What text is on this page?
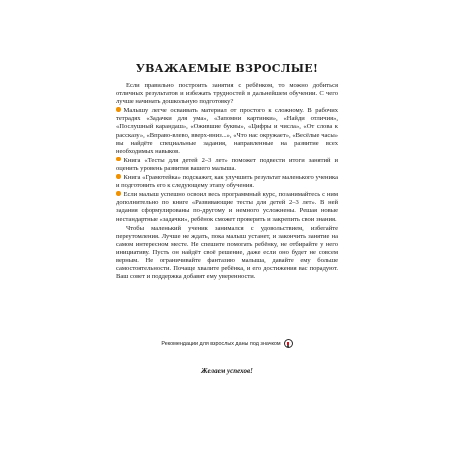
УВАЖАЕМЫЕ ВЗРОСЛЫЕ!

Если правильно построить занятия с ребёнком, то можно добиться отличных результатов и избежать трудностей в дальнейшем обучении. С чего лучше начинать дошкольную подготовку?

Малышу легче осваивать материал от простого к сложному. В рабочих тетрадях «Задачки для ума», «Запомни картинки», «Найди отличия», «Послушный карандаш», «Ожившие буквы», «Цифры и числа», «От слова к рассказу», «Вправо-влево, вверх-вниз...», «Что нас окружает», «Весёлые часы» вы найдёте специальные задания, направленные на развитие всех необходимых навыков.

Книга «Тесты для детей 2–3 лет» поможет подвести итоги занятий и оценить уровень развития вашего малыша.

Книга «Грамотейка» подскажет, как улучшить результат маленького ученика и подготовить его к следующему этапу обучения.

Если малыш успешно освоил весь программный курс, позанимайтесь с ним дополнительно по книге «Развивающие тесты для детей 2–3 лет». В ней задания сформулированы по-другому и немного усложнены. Решая новые нестандартные «задачки», ребёнок сможет проверить и закрепить свои знания.

Чтобы маленький ученик занимался с удовольствием, избегайте переутомления. Лучше не ждать, пока малыш устанет, и закончить занятие на самом интересном месте. Не спешите помогать ребёнку, не отбирайте у него инициативу. Пусть он найдёт своё решение, даже если оно будет не совсем верным. Не ограничивайте фантазию малыша, давайте ему больше самостоятельности. Почаще хвалите ребёнка, и его достижения вас порадуют. Ваш совет и поддержка добавят ему уверенности.

Рекомендации для взрослых даны под значком
Желаем успехов!
